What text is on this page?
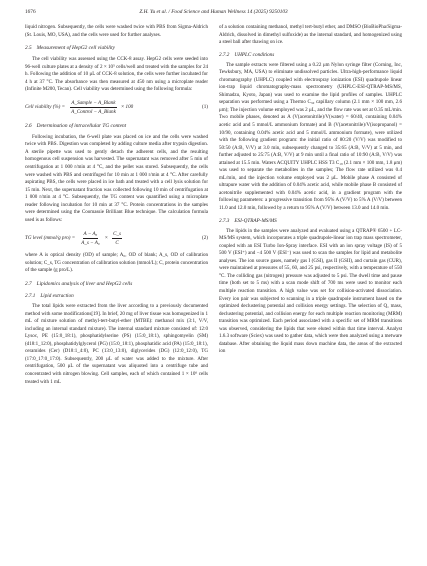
1676	Z.H. Yu et al. / Food Science and Human Wellness 14 (2025) 9250103

liquid nitrogen. Subsequently, the cells were washed twice with PBS from Sigma-Aldrich (St. Louis, MO, USA), and the cells were used for further analyses.

2.5 Measurement of HepG2 cell viability

The cell viability was assessed using the CCK-8 assay. HepG2 cells were seeded into 96-well culture plates at a density of 2 × 10⁵ cells/well and treated with the samples for 24 h. Following the addition of 10 μL of CCK-8 solution, the cells were further incubated for 4 h at 37 °C. The absorbance was then measured at 450 nm using a microplate reader (Infinite M200, Tecan). Cell viability was determined using the following formula:

Cell viability (%) = $\frac{\text{A\_Sample − A\_Blank}}{\text{A\_Control − A\_Blank}} \times 100$	(1)
2.6 Determination of intracellular TG content

Following incubation, the 6-well plate was placed on ice and the cells were washed twice with PBS. Digestion was completed by adding culture media after trypsin digestion. A sterile pipette was used to gently detach the adherent cells, and the resulting homogenous cell suspension was harvested. The supernatant was removed after 5 min of centrifugation at 1 000 r/min at 4 °C, and the pellet was stored. Subsequently, the cells were washed with PBS and centrifuged for 10 min at 1 000 r/min at 4 °C. After carefully aspirating PBS, the cells were placed in ice bath and treated with a cell lysis solution for 15 min. Next, the supernatant fraction was collected following 10 min of centrifugation at 1 000 r/min at 4 °C. Subsequently, the TG content was quantified using a microplate reader following incubation for 10 min at 37 °C. Protein concentrations in the samples were determined using the Coomassie Brilliant Blue technique. The calculation formula used is as follows:

TG level (mmol/g $pro) = \frac{\text{A − A₀}}{\text{A\_s − A₀}} \times \frac{C\_s}{C}$	(2)

where A is optical density (OD) of sample; A₀, OD of blank; A_s, OD of calibration solution; C_s, TG concentration of calibration solution (mmol/L); C, protein concentration of the sample (g pro/L).

2.7 Lipidomics analysis of liver and HepG2 cells
2.7.1 Lipid extraction

The total lipids were extracted from the liver according to a previously documented method with some modifications[19]. In brief, 20 mg of liver tissue was homogenized in 1 mL of mixture solution of methyl-tert-butyl-ether (MTBE): methanol mix (3:1, V/V, including an internal standard mixture). The internal standard mixture consisted of: 12:0 Lysoc, PE (15:0_18:1), phosphatidylserine (PS) (15:0_18:1), sphingomyelin (SM) (d18:1_12:0), phosphatidylglycerol (PG) (15:0_18:1), phosphatidic acid (PA) (15:0_18:1), ceramides (Cer) (D18:1_4:0), PC (13:0_13:0), diglycerides (DG) (12:0_12:0), TG (17:0_17:0_17:0). Subsequently, 200 μL of water was added to the mixture. After centrifugation, 500 μL of the supernatant was aliquoted into a centrifuge tube and concentrated with nitrogen blowing. Cell samples, each of which contained 1 × 10⁶ cells treated with 1 mL

of a solution containing methanol, methyl tert-butyl ether, and DMSO (BioBioPha/Sigma-Aldrich, dissolved in dimethyl sulfoxide) as the internal standard, and homogenized using a steel ball after thawing on ice.

2.7.2 UHPLC conditions

The sample extracts were filtered using a 0.22 μm Nylon syringe filter (Corning, Inc, Tewksbury, MA, USA) to eliminate undissolved particles. Ultra-high-performance liquid chromatography (UHPLC) coupled with electrospray ionization (ESI) quadrupole linear ion-trap liquid chromatography-mass spectrometry (UHPLC-ESI-QTRAP-MS/MS, Shimadzu, Kyoto, Japan) was used to examine the lipid profiles of samples. UHPLC separation was performed using a Thermo C₃₀ capillary column (2.1 mm × 100 mm, 2.6 μm); The injection volume employed was 2 μL, and the flow rate was set at 0.35 mL/min. Two mobile phases, denoted as A (V(acetonitrile)/V(water) = 60/40, containing 0.04% acetic acid and 5 mmol/L ammonium formate) and B (V(acetonitrile)/V(isopropanol) = 10/90, containing 0.04% acetic acid and 5 mmol/L ammonium formate), were utilized with the following gradient program: the initial ratio of 80:20 (V/V) was modified to 50:50 (A:B, V/V) at 3.0 min, subsequently changed to 35:65 (A:B, V/V) at 5 min, and further adjusted to 25:75 (A:B, V/V) at 9 min until a final ratio of 10:90 (A:B, V/V) was attained at 15.5 min. Waters ACQUITY UHPLC HSS T3 C₁₈ (2.1 mm × 100 mm, 1.8 μm) was used to separate the metabolites in the samples; The flow rate utilized was 0.4 mL/min, and the injection volume employed was 2 μL. Mobile phase A consisted of ultrapure water with the addition of 0.04% acetic acid, while mobile phase B consisted of acetonitrile supplemented with 0.04% acetic acid, in a gradient program with the following parameters: a progressive transition from 95% A (V/V) to 5% A (V/V) between 11.0 and 12.0 min, followed by a return to 95% A (V/V) between 13.0 and 14.0 min.

2.7.3 ESI-QTRAP-MS/MS

The lipids in the samples were analyzed and evaluated using a QTRAP® 6500 + LC-MS/MS system, which incorporates a triple quadrupole-linear ion trap mass spectrometer, coupled with an ESI Turbo Ion-Spray interface. ESI with an ion spray voltage (IS) of 5 500 V (ESI⁺) and −4 500 V (ESI⁻) was used to scan the samples for lipid and metabolite analyses. The ion source gases, namely gas I (GSI), gas II (GSII), and curtain gas (CUR), were maintained at pressures of 55, 60, and 25 psi, respectively, with a temperature of 550 °C. The colliding gas (nitrogen) pressure was adjusted to 5 psi. The dwell time and pause time (both set to 5 ms) with a scan mode shift of 700 ms were used to monitor each multiple reaction transition. A high value was set for collision-activated dissociation. Every ion pair was subjected to scanning in a triple quadrupole instrument based on the optimized declustering potential and collision energy settings. The selection of Q₁ mass, declustering potential, and collision energy for each multiple reaction monitoring (MRM) transition was optimized. Each period associated with a specific set of MRM transitions was observed, considering the lipids that were eluted within that time interval. Analyst 1.6.3 software (Sciex) was used to gather data, which were then analyzed using a metware database. After obtaining the liquid mass down machine data, the areas of the extracted ion
